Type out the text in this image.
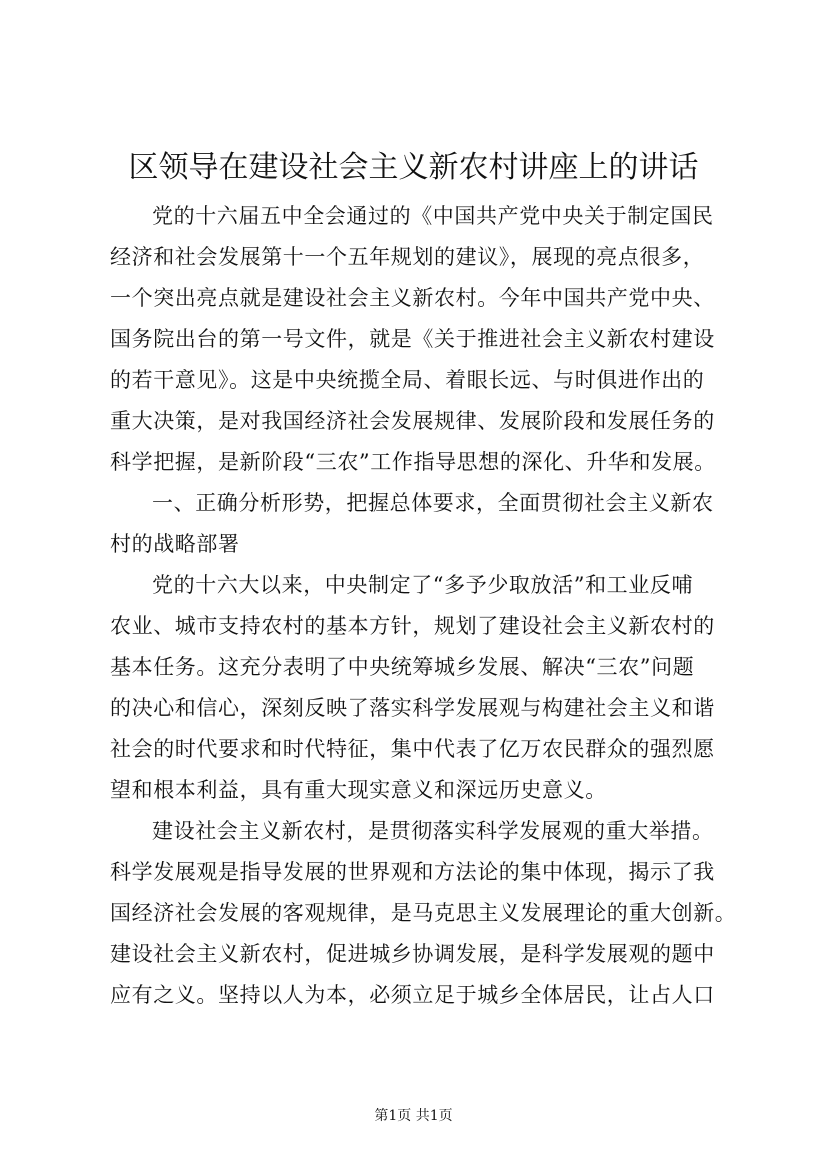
区领导在建设社会主义新农村讲座上的讲话
党的十六届五中全会通过的《中国共产党中央关于制定国民
经济和社会发展第十一个五年规划的建议》，展现的亮点很多，
一个突出亮点就是建设社会主义新农村。今年中国共产党中央、
国务院出台的第一号文件，就是《关于推进社会主义新农村建设
的若干意见》。这是中央统揽全局、着眼长远、与时俱进作出的
重大决策，是对我国经济社会发展规律、发展阶段和发展任务的
科学把握，是新阶段“三农”工作指导思想的深化、升华和发展。
一、正确分析形势，把握总体要求，全面贯彻社会主义新农
村的战略部署
党的十六大以来，中央制定了“多予少取放活”和工业反哺
农业、城市支持农村的基本方针，规划了建设社会主义新农村的
基本任务。这充分表明了中央统筹城乡发展、解决“三农”问题
的决心和信心，深刻反映了落实科学发展观与构建社会主义和谐
社会的时代要求和时代特征，集中代表了亿万农民群众的强烈愿
望和根本利益，具有重大现实意义和深远历史意义。
建设社会主义新农村，是贯彻落实科学发展观的重大举措。
科学发展观是指导发展的世界观和方法论的集中体现，揭示了我
国经济社会发展的客观规律，是马克思主义发展理论的重大创新。
建设社会主义新农村，促进城乡协调发展，是科学发展观的题中
应有之义。坚持以人为本，必须立足于城乡全体居民，让占人口
第1页 共1页
